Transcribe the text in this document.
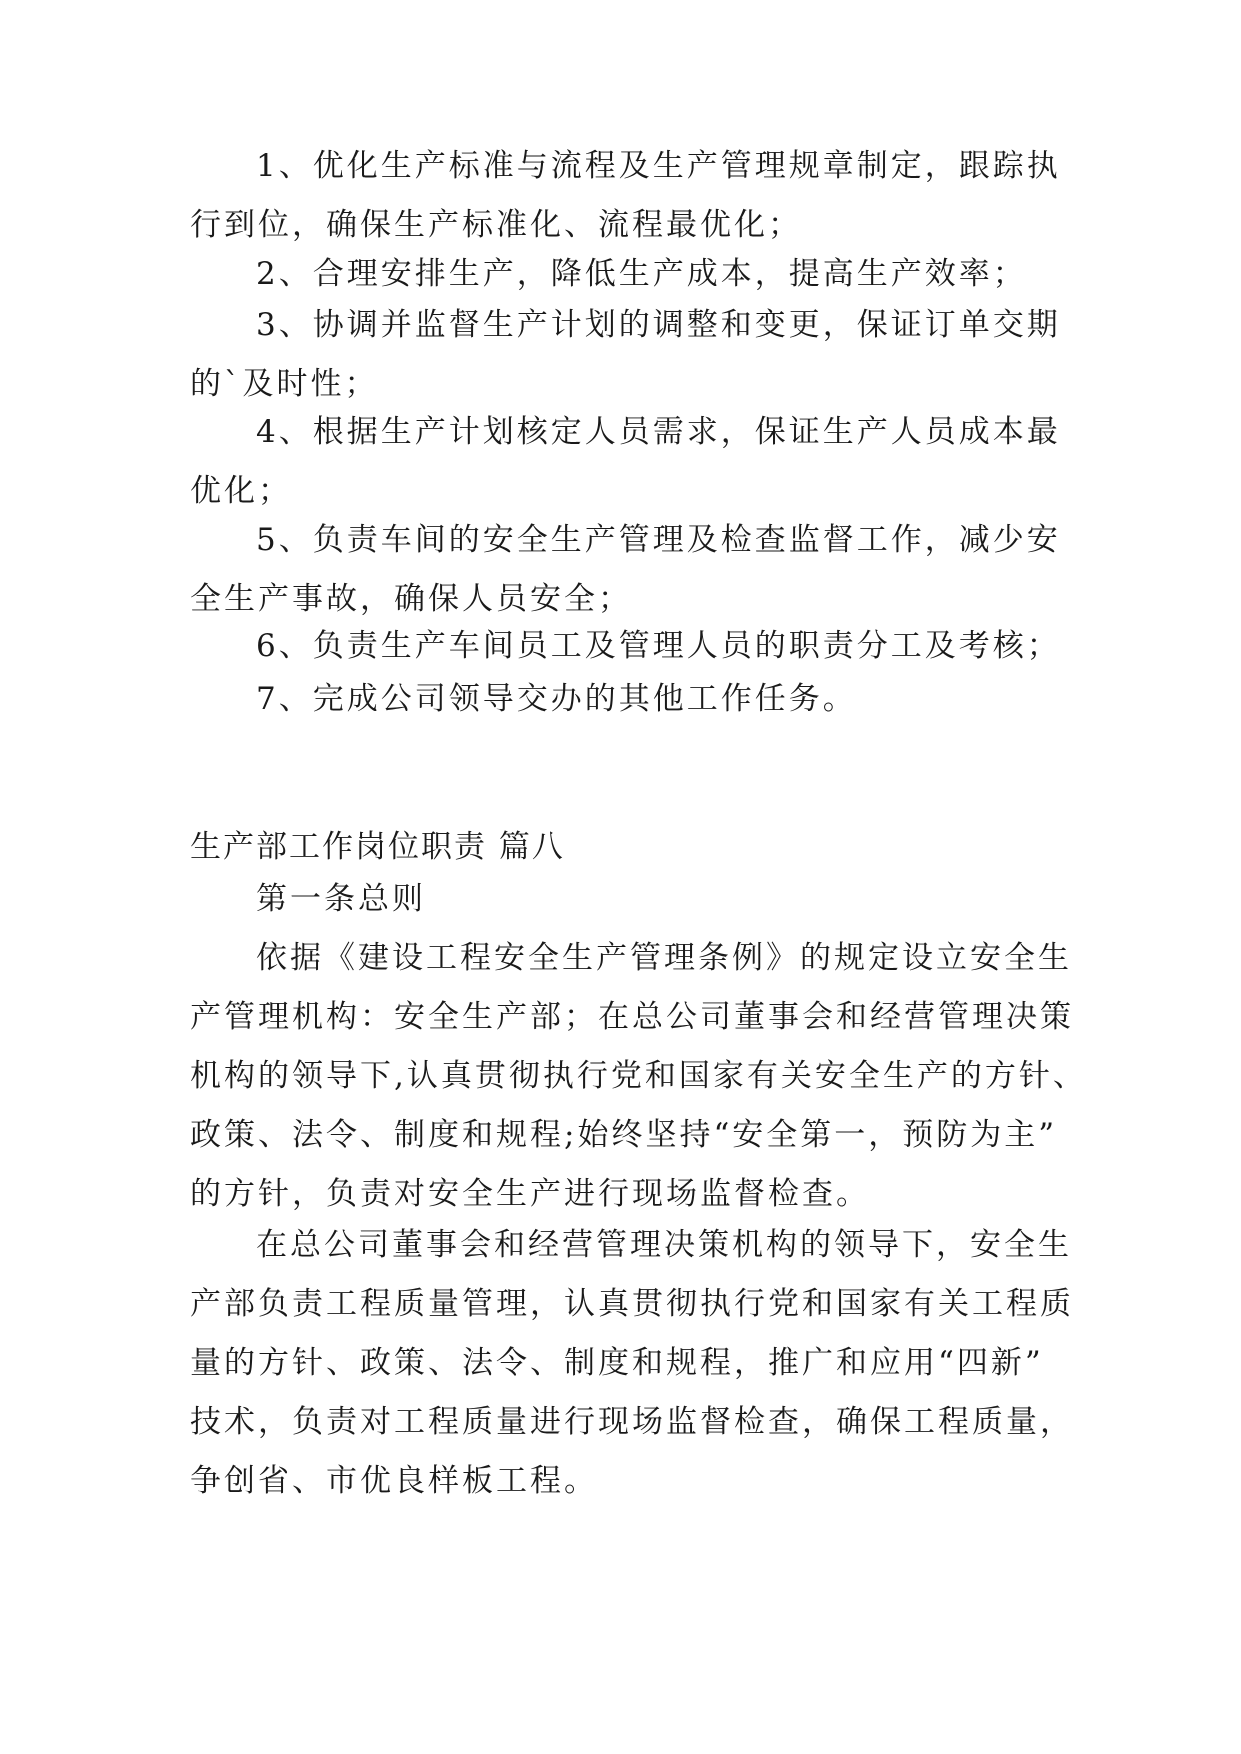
1、优化生产标准与流程及生产管理规章制定，跟踪执
行到位，确保生产标准化、流程最优化；
2、合理安排生产，降低生产成本，提高生产效率；
3、协调并监督生产计划的调整和变更，保证订单交期
的`及时性；
4、根据生产计划核定人员需求，保证生产人员成本最
优化；
5、负责车间的安全生产管理及检查监督工作，减少安
全生产事故，确保人员安全；
6、负责生产车间员工及管理人员的职责分工及考核；
7、完成公司领导交办的其他工作任务。
生产部工作岗位职责 篇八
第一条总则
依据《建设工程安全生产管理条例》的规定设立安全生
产管理机构：安全生产部；在总公司董事会和经营管理决策
机构的领导下,认真贯彻执行党和国家有关安全生产的方针、
政策、法令、制度和规程;始终坚持“安全第一，预防为主”
的方针，负责对安全生产进行现场监督检查。
在总公司董事会和经营管理决策机构的领导下，安全生
产部负责工程质量管理，认真贯彻执行党和国家有关工程质
量的方针、政策、法令、制度和规程，推广和应用“四新”
技术，负责对工程质量进行现场监督检查，确保工程质量，
争创省、市优良样板工程。
